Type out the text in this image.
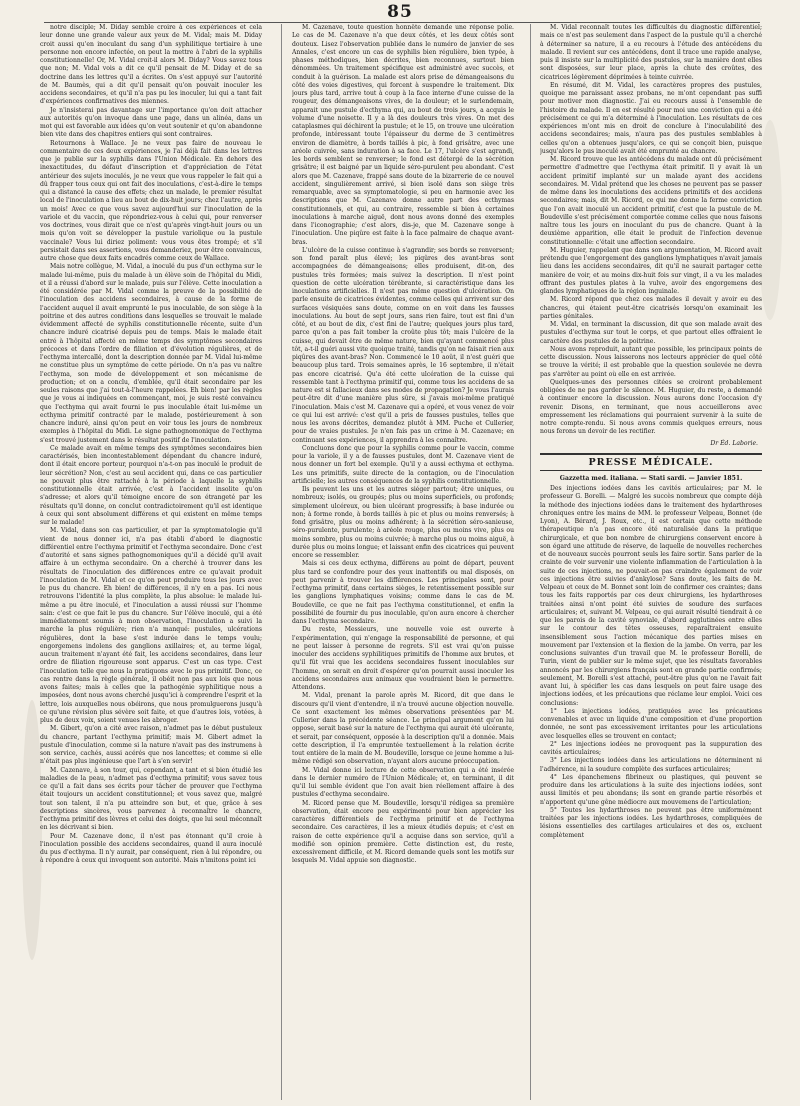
85

notre disciple; M. Diday semble croire à ces expériences et cela leur donne une grande valeur aux yeux de M. Vidal; mais M. Diday croit aussi qu'en inoculant du sang d'un syphilitique tertiaire à une personne non encore infectée, on peut la mettre à l'abri de la syphilis constitutionnelle! Or, M. Vidal croit-il alors M. Diday? Vous savez tous que non; M. Vidal vois a dit ce qu'il pensait de M. Diday et de sa doctrine dans les lettres qu'il a écrites. On s'est appuyé sur l'autorité de M. Baumès, qui a dit qu'il pensait qu'on pouvait inoculer les accidens secondaires, et qu'il n'a pas pu les inoculer, lui qui a tant fait d'expériences confirmatives des miennes.

Je n'insisterai pas davantage sur l'importance qu'on doit attacher aux autorités qu'on invoque dans une page, dans un alinéa, dans un mot qui est favorable aux idées qu'on veut soutenir et qu'on abandonne bien vite dans des chapitres entiers qui sont contraires.

Retournons à Wallace. Je ne veux pas faire de nouveau le commentaire de ces deux expériences, je l'ai déjà fait dans les lettres que je publie sur la syphilis dans l'Union Médicale. En dehors des inexactitudes, du défaut d'inscription et d'appréciation de l'état antérieur des sujets inoculés, je ne veux que vous rappeler le fait qui a dû frapper tous ceux qui ont fait des inoculations, c'est-à-dire le temps qui a distancé la cause des effets; chez un malade, le premier résultat local de l'inoculation a lieu au bout de dix-huit jours; chez l'autre, après un mois! Avec ce que vous savez aujourd'hui sur l'inoculation de la variole et du vaccin, que répondriez-vous à celui qui, pour renverser vos doctrines, vous dirait que ce n'est qu'après vingt-huit jours ou un mois qu'on voit se développer la pustule variolique ou la pustule vaccinale? Vous lui diriez poliment: vous vous êtes trompé; et s'il persistait dans ses assertions, vous demanderiez, pour être convaincus, autre chose que deux faits encadrés comme ceux de Wallace.

Mais notre collègue, M. Vidal, a inoculé du pus d'un ecthyma sur le malade lui-même, puis du malade à un élève soin de l'hôpital du Midi, et il a réussi d'abord sur le malade, puis sur l'élève. Cette inoculation a été considérée par M. Vidal comme la preuve de la possibilité de l'inoculation des accidens secondaires, à cause de la forme de l'accident auquel il avait emprunté le pus inoculable, de son siège à la poitrine et des autres conditions dans lesquelles se trouvait le malade évidemment affecté de syphilis constitutionnelle récente, suite d'un chancre induré cicatrisé depuis peu de temps. Mais le malade était entré à l'hôpital affecté en même temps des symptômes secondaires précoces et dans l'ordre de filiation et d'évolution régulières, et de l'ecthyma intercallé, dont la description donnée par M. Vidal lui-même ne constitue plus un symptôme de cette période. On n'a pas vu naître l'ecthyma, son mode de développement et son mécanisme de production; et on a conclu, d'emblée, qu'il était secondaire par les seules raisons que j'ai tout-à-l'heure rappelées. Eh bien! par les règles que je vous ai indiquées en commençant, moi, je suis resté convaincu que l'ecthyma qui avait fourni le pus inoculable était lui-même un ecthyma primitif contracté par le malade, postérieurement à son chancre induré, ainsi qu'on peut en voir tous les jours de nombreux exemples à l'hôpital du Midi. Le signe pathognomonique de l'ecthyma s'est trouvé justement dans le résultat positif de l'inoculation.

Ce malade avait en même temps des symptômes secondaires bien caractérisés, bien incontestablement dépendant du chancre induré, dont il était encore porteur, pourquoi n'a-t-on pas inoculé le produit de leur sécrétion? Non, c'est au seul accident qui, dans ce cas particulier ne pouvait plus être rattaché à la période à laquelle la syphilis constitutionnelle était arrivée, c'est à l'accident insolite qu'on s'adresse; et alors qu'il témoigne encore de son étrangeté par les résultats qu'il donne, on conclut contradictoirement qu'il est identique à ceux qui sont absolument différens et qui existent en même temps sur le malade!

M. Vidal, dans son cas particulier, et par la symptomatologie qu'il vient de nous donner ici, n'a pas établi d'abord le diagnostic différentiel entre l'ecthyma primitif et l'ecthyma secondaire. Donc c'est d'autorité et sans signes pathognomoniques qu'il a décidé qu'il avait affaire à un ecthyma secondaire. On a cherché à trouver dans les résultats de l'inoculation des différences entre ce qu'avait produit l'inoculation de M. Vidal et ce qu'on peut produire tous les jours avec le pus du chancre. Eh bien! de différences, il n'y en a pas. Ici nous retrouvons l'identité la plus complète, la plus absolue: le malade lui-même a pu être inoculé, et l'inoculation a aussi réussi sur l'homme sain: c'est ce que fait le pus du chancre. Sur l'élève inoculé, qui a été immédiatement soumis à mon observation, l'inoculation a suivi la marche la plus régulière; rien n'a manqué: pustules, ulcérations régulières, dont la base s'est indurée dans le temps voulu; engorgemens indolens des ganglions axillaires; et, au terme légal, aucun traitement n'ayant été fait, les accidens secondaires, dans leur ordre de filiation rigoureuse sont apparus. C'est un cas type. C'est l'inoculation telle que nous la pratiquons avec le pus primitif. Donc, ce cas rentre dans la règle générale, il obéit non pas aux lois que nous avons faites; mais à celles que la pathogénie syphilitique nous a imposées, dont nous avons cherché jusqu'ici à comprendre l'esprit et la lettre, lois auxquelles nous obéirons, que nous promulguerons jusqu'à ce qu'une révision plus sévère soit faite, et que d'autres lois, votées, à plus de deux voix, soient venues les abroger.

M. Gibert, qu'on a cité avec raison, n'admet pas le début pustuleux du chancre, partant l'ecthyma primitif; mais M. Gibert admet la pustule d'inoculation, comme si la nature n'avait pas des instrumens à son service, cachés, aussi acérés que nos lancettes; et comme si elle n'était pas plus ingénieuse que l'art à s'en servir!

M. Cazenave, à son tour, qui, cependant, a tant et si bien étudié les maladies de la peau, n'admet pas d'ecthyma primitif; vous savez tous ce qu'il a fait dans ses écrits pour tâcher de prouver que l'ecthyma était toujours un accident constitutionnel; et vous savez que, malgré tout son talent, il n'a pu atteindre son but, et que, grâce à ses descriptions sincères, vous parvenez à reconnaître le chancre, l'ecthyma primitif des lèvres et celui des doigts, que lui seul méconnaît en les décrivant si bien.

Pour M. Cazenave donc, il n'est pas étonnant qu'il croie à l'inoculation possible des accidens secondaires, quand il aura inoculé du pus d'ecthyma. Il n'y aurait, par conséquent, rien à lui répondre, ou à répondre à ceux qui invoquent son autorité. Mais n'imitons point ici

M. Cazenave, toute question honnête demande une réponse polie. Le cas de M. Cazenave n'a que deux côtés, et les deux côtés sont douteux. Lisez l'observation publiée dans le numéro de janvier de ses Annales, c'est encore un cas de syphilis bien régulière, bien typée, à phases méthodiques, bien décrites, bien reconnues, surtout bien dénommées. Un traitement spécifique est administré avec succès, et conduit à la guérison. La malade est alors prise de démangeaisons du côté des voies digestives, qui forcent à suspendre le traitement. Dix jours plus tard, arrive tout à coup à la face interne d'une cuisse de la rougeur, des démangeaisons vives, de la douleur; et le surlendemain, apparait une pustule d'ecthyma qui, au bout de trois jours, a acquis le volume d'une noisette. Il y a là des douleurs très vives. On met des cataplasmes qui déchirent la pustule; et le 15, on trouve une ulcération profonde, intéressant toute l'épaisseur du derme de 3 centimètres environ de diamètre, à bords taillés à pic, à fond grisâtre, avec une aréole cuivrée, sans induration à sa face. Le 17, l'ulcère s'est agrandi, les bords semblent se renverser; le fond est détergé de la sécrétion grisâtre; il est baigné par un liquide séro-purulent peu abondant. C'est alors que M. Cazenave, frappé sans doute de la bizarrerie de ce nouvel accident, singulièrement arrivé, si bien isolé dans son siège très remarquable, avec sa symptomatologie, si peu en harmonie avec les descriptions que M. Cazenave donne autre part des ecthymas constitutionnels, et qui, au contraire, ressemble si bien à certaines inoculations à marche aiguë, dont nous avons donné des exemples dans l'iconographie; c'est alors, dis-je, que M. Cazenave songe à l'inoculation. Une piqûre est faite à la face palmaire de chaque avant-bras.

L'ulcère de la cuisse continue à s'agrandir; ses bords se renversent; son fond paraît plus élevé; les piqûres des avant-bras sont accompagnées de démangeaisons; elles produisent, dit-on, des pustules très formées; mais suivez la description. Il n'est point question de cette ulcération térébrante, si caractéristique dans les inoculations artificielles. Il n'est pas même question d'ulcération. On parle ensuite de cicatrices évidentes, comme celles qui arrivent sur des surfaces vésiquées sans doute, comme on en voit dans les fausses inoculations. Au bout de sept jours, sans rien faire, tout est fini d'un côté, et au bout de dix, c'est fini de l'autre; quelques jours plus tard, parce qu'on a pas fait tomber la croûte plus tôt; mais l'ulcère de la cuisse, qui devait être de même nature, bien qu'ayant commencé plus tôt, a-t-il guéri aussi vite quoique traité, tandis qu'on ne faisait rien aux piqûres des avant-bras? Non. Commencé le 10 août, il n'est guéri que beaucoup plus tard. Trois semaines après, le 16 septembre, il n'était pas encore cicatrisé. Qu'a été cette ulcération de la cuisse qui ressemble tant à l'ecthyma primitif qui, comme tous les accidens de sa nature est si fallacieux dans ses modes de propagation? Je vous l'aurais peut-être dit d'une manière plus sûre, si j'avais moi-même pratiqué l'inoculation. Mais c'est M. Cazenave qui a opéré, et vous venez de voir ce qui lui est arrivé: c'est qu'il a pris de fausses pustules, telles que nous les avons décrites, demandez plutôt à MM. Puche et Cullerier, pour de vraies pustules. Je n'en fais pas un crime à M. Cazenave; en continuant ses expériences, il apprendra à les connaître.

Concluons donc que pour la syphilis comme pour le vaccin, comme pour la variole, il y a de fausses pustules, dont M. Cazenave vient de nous donner un fort bel exemple. Qu'il y a aussi ecthyma et ecthyma. Les uns primitifs, suite directe de la contagion, ou de l'inoculation artificielle; les autres conséquences de la syphilis constitutionnelle.

Ils peuvent les uns et les autres siéger partout; être uniques, ou nombreux; isolés, ou groupés; plus ou moins superficiels, ou profonds; simplement ulcéreux, ou bien ulcérant progressifs; à base indurée ou non; à forme ronde, à bords taillés à pic et plus ou moins renversés; à fond grisâtre, plus ou moins adhérent; à la sécrétion séro-sanieuse, séro-purulente, purulente; à aréole rouge, plus ou moins vive, plus ou moins sombre, plus ou moins cuivrée; à marche plus ou moins aiguë, à durée plus ou moins longue; et laissant enfin des cicatrices qui peuvent encore se ressembler.

Mais si ces deux ecthyma, différens au point de départ, peuvent plus tard se confondre pour des yeux inattentifs ou mal disposés, on peut parvenir à trouver les différences. Les principales sont, pour l'ecthyma primitif, dans certains sièges, le retentissement possible sur les ganglions lymphatiques voisins; comme dans le cas de M. Boudeville, ce que ne fait pas l'ecthyma constitutionnel, et enfin la possibilité de fournir du pus inoculable, qu'on aura encore à chercher dans l'ecthyma secondaire.

Du reste, Messieurs, une nouvelle voie est ouverte à l'expérimentation, qui n'engage la responsabilité de personne, et qui ne peut laisser à personne de regrets. S'il est vrai qu'on puisse inoculer des accidens syphilitiques primitifs de l'homme aux brutes, et qu'il fût vrai que les accidens secondaires fussent inoculables sur l'homme, on serait en droit d'espérer qu'on pourrait aussi inoculer les accidens secondaires aux animaux que voudraient bien le permettre. Attendons.

M. Vidal, prenant la parole après M. Ricord, dit que dans le discours qu'il vient d'entendre, il n'a trouvé aucune objection nouvelle. Ce sont exactement les mêmes observations présentées par M. Cullerier dans la précédente séance. Le principal argument qu'on lui oppose, serait basé sur la nature de l'ecthyma qui aurait été ulcérante, et serait, par conséquent, opposée à la description qu'il a donnée. Mais cette description, il l'a empruntée textuellement à la relation écrite tout entière de la main de M. Boudeville, lorsque ce jeune homme a lui-même rédigé son observation, n'ayant alors aucune préoccupation.

M. Vidal donne ici lecture de cette observation qui a été insérée dans le dernier numéro de l'Union Médicale; et, en terminant, il dit qu'il lui semble évident que l'on avait bien réellement affaire à des pustules d'ecthyma secondaire.

M. Ricord pense que M. Boudeville, lorsqu'il rédigea sa première observation, était encore peu expérimenté pour bien apprécier les caractères différentiels de l'ecthyma primitif et de l'ecthyma secondaire. Ces caractères, il les a mieux étudiés depuis; et c'est en raison de cette expérience qu'il a acquise dans son service, qu'il a modifié son opinion première. Cette distinction est, du reste, excessivement difficile, et M. Ricord demande quels sont les motifs sur lesquels M. Vidal appuie son diagnostic.

M. Vidal reconnaît toutes les difficultés du diagnostic différentiel; mais ce n'est pas seulement dans l'aspect de la pustule qu'il a cherché à déterminer sa nature, il a eu recours à l'étude des antécédens du malade. Il revient sur ces antécédens, dont il trace une rapide analyse, puis il insiste sur la multiplicité des pustules, sur la manière dont elles sont disposées, sur leur place, après la chute des croûtes, des cicatrices légèrement déprimées à teinte cuivrée.

En résumé, dit M. Vidal, les caractères propres des pustules, quoique me paraissant assez probans, ne m'ont cependant pas suffi pour motiver mon diagnostic. J'ai eu recours aussi à l'ensemble de l'histoire du malade. Il en est résulté pour moi une conviction qui a été précisément ce qui m'a déterminé à l'inoculation. Les résultats de ces expériences m'ont mis en droit de conclure à l'inoculabilité des accidens secondaires; mais, n'aura pas des pustules semblables à celles qu'on a obtenues jusqu'alors, ce qui se conçoit bien, puisque jusqu'alors le pus inoculé avait été emprunté au chancre.

M. Ricord trouve que les antécédens du malade ont dû précisément permettre d'admettre que l'ecthyma était primitif. Il y avait là un accident primitif implanté sur un malade ayant des accidens secondaires. M. Vidal prétend que les choses ne peuvent pas se passer de même dans les inoculations des accidens primitifs et des accidens secondaires; mais, dit M. Ricord, ce qui me donne la ferme conviction que l'on avait inoculé un accident primitif, c'est que la pustule de M. Boudeville s'est précisément comportée comme celles que nous faisons naître tous les jours en inoculant du pus de chancre. Quant à la deuxième apparition, elle était le produit de l'infection devenue constitutionnelle: c'était une affection secondaire.

M. Huguier, rappelant que dans son argumentation, M. Ricord avait prétendu que l'engorgement des ganglions lymphatiques n'avait jamais lieu dans les accidens secondaires, dit qu'il ne saurait partager cette manière de voir, et au moins dix-huit fois sur vingt, il a vu les malades offrant des pustules plates à la vulve, avoir des engorgemens des glandes lymphatiques de la région inguinale.

M. Ricord répond que chez ces malades il devait y avoir eu des chancres, qui étaient peut-être cicatrisés lorsqu'on examinait les parties génitales.

M. Vidal, en terminant la discussion, dit que son malade avait des pustules d'ecthyma sur tout le corps, et que partout elles offraient le caractère des pustules de la poitrine.

Nous avons reproduit, autant que possible, les principaux points de cette discussion. Nous laisserons nos lecteurs apprécier de quel côté se trouve la vérité; il est probable que la question soulevée ne devra pas s'arrêter au point où elle en est arrivée.

Quelques-unes des personnes citées se croiront probablement obligées de ne pas garder le silence. M. Huguier, du reste, a demandé à continuer encore la discussion. Nous aurons donc l'occasion d'y revenir. Disons, en terminant, que nous accueillerons avec empressement les réclamations qui pourraient survenir à la suite de notre compte-rendu. Si nous avons commis quelques erreurs, nous nous ferons un devoir de les rectifier.

Dr Éd. Laborie.
PRESSE MÉDICALE.
Gazzetta med. italiana. — Stati sardi. — Janvier 1851.

Des injections iodées dans les cavités articulaires; par M. le professeur G. Borelli. — Malgré les succès nombreux que compte déjà la méthode des injections iodées dans le traitement des hydarthroses chroniques entre les mains de MM. le professeur Velpeau, Bonnet (de Lyon), A. Bérard, J. Roux, etc., il est certain que cette méthode thérapeutique n'a pas encore été naturalisée dans la pratique chirurgicale, et que bon nombre de chirurgiens conservent encore à son égard une attitude de réserve, de laquelle de nouvelles recherches et de nouveaux succès pourront seuls les faire sortir. Sans parler de la crainte de voir survenir une violente inflammation de l'articulation à la suite de ces injections, ne pouvait-on pas craindre également de voir ces injections être suivies d'ankylose? Sans doute, les faits de M. Velpeau et ceux de M. Bonnet sont loin de confirmer ces craintes; dans tous les faits rapportés par ces deux chirurgiens, les hydarthroses traitées ainsi n'ont point été suivies de soudure des surfaces articulaires; et, suivant M. Velpeau, ce qui aurait résulté tiendrait à ce que les parois de la cavité synoviale, d'abord agglutinées entre elles sur le contour des têtes osseuses, reparaîtraient ensuite insensiblement sous l'action mécanique des parties mises en mouvement par l'extension et la flexion de la jambe. On verra, par les conclusions suivantes d'un travail que M. le professeur Borelli, de Turin, vient de publier sur le même sujet, que les résultats favorables annoncés par les chirurgiens français sont en grande partie confirmés; seulement, M. Borelli s'est attaché, peut-être plus qu'on ne l'avait fait avant lui, à spécifier les cas dans lesquels on peut faire usage des injections iodées, et les précautions que réclame leur emploi. Voici ces conclusions:

1° Les injections iodées, pratiquées avec les précautions convenables et avec un liquide d'une composition et d'une proportion donnée, ne sont pas excessivement irritantes pour les articulations avec lesquelles elles se trouvent en contact;

2° Les injections iodées ne provoquent pas la suppuration des cavités articulaires;

3° Les injections iodées dans les articulations ne déterminent ni l'adhérence, ni la soudure complète des surfaces articulaires;

4° Les épanchemens fibrineux ou plastiques, qui peuvent se produire dans les articulations à la suite des injections iodées, sont aussi limités et peu abondans; ils sont en grande partie résorbés et n'apportent qu'une gêne médiocre aux mouvemens de l'articulation;

5° Toutes les hydarthroses ne peuvent pas être uniformément traitées par les injections iodées. Les hydarthroses, compliquées de lésions essentielles des cartilages articulaires et des os, excluent complètement
